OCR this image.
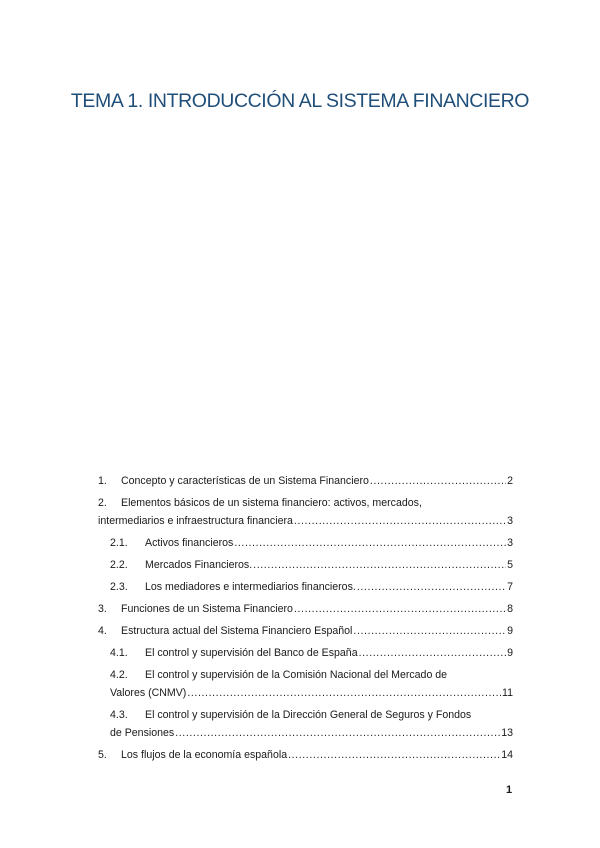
TEMA 1. INTRODUCCIÓN AL SISTEMA FINANCIERO
1.	Concepto y características de un Sistema Financiero .....	2
2.	Elementos básicos de un sistema financiero: activos, mercados,
intermediarios e infraestructura financiera .....	3
2.1.	Activos financieros .....	3
2.2.	Mercados Financieros. .....	5
2.3.	Los mediadores e intermediarios financieros. .....	7
3.	Funciones de un Sistema Financiero .....	8
4.	Estructura actual del Sistema Financiero Español .....	9
4.1.	El control y supervisión del Banco de España .....	9
4.2.	El control y supervisión de la Comisión Nacional del Mercado de
Valores (CNMV) .....	11
4.3.	El control y supervisión de la Dirección General de Seguros y Fondos
de Pensiones .....	13
5.	Los flujos de la economía española .....	14
1
